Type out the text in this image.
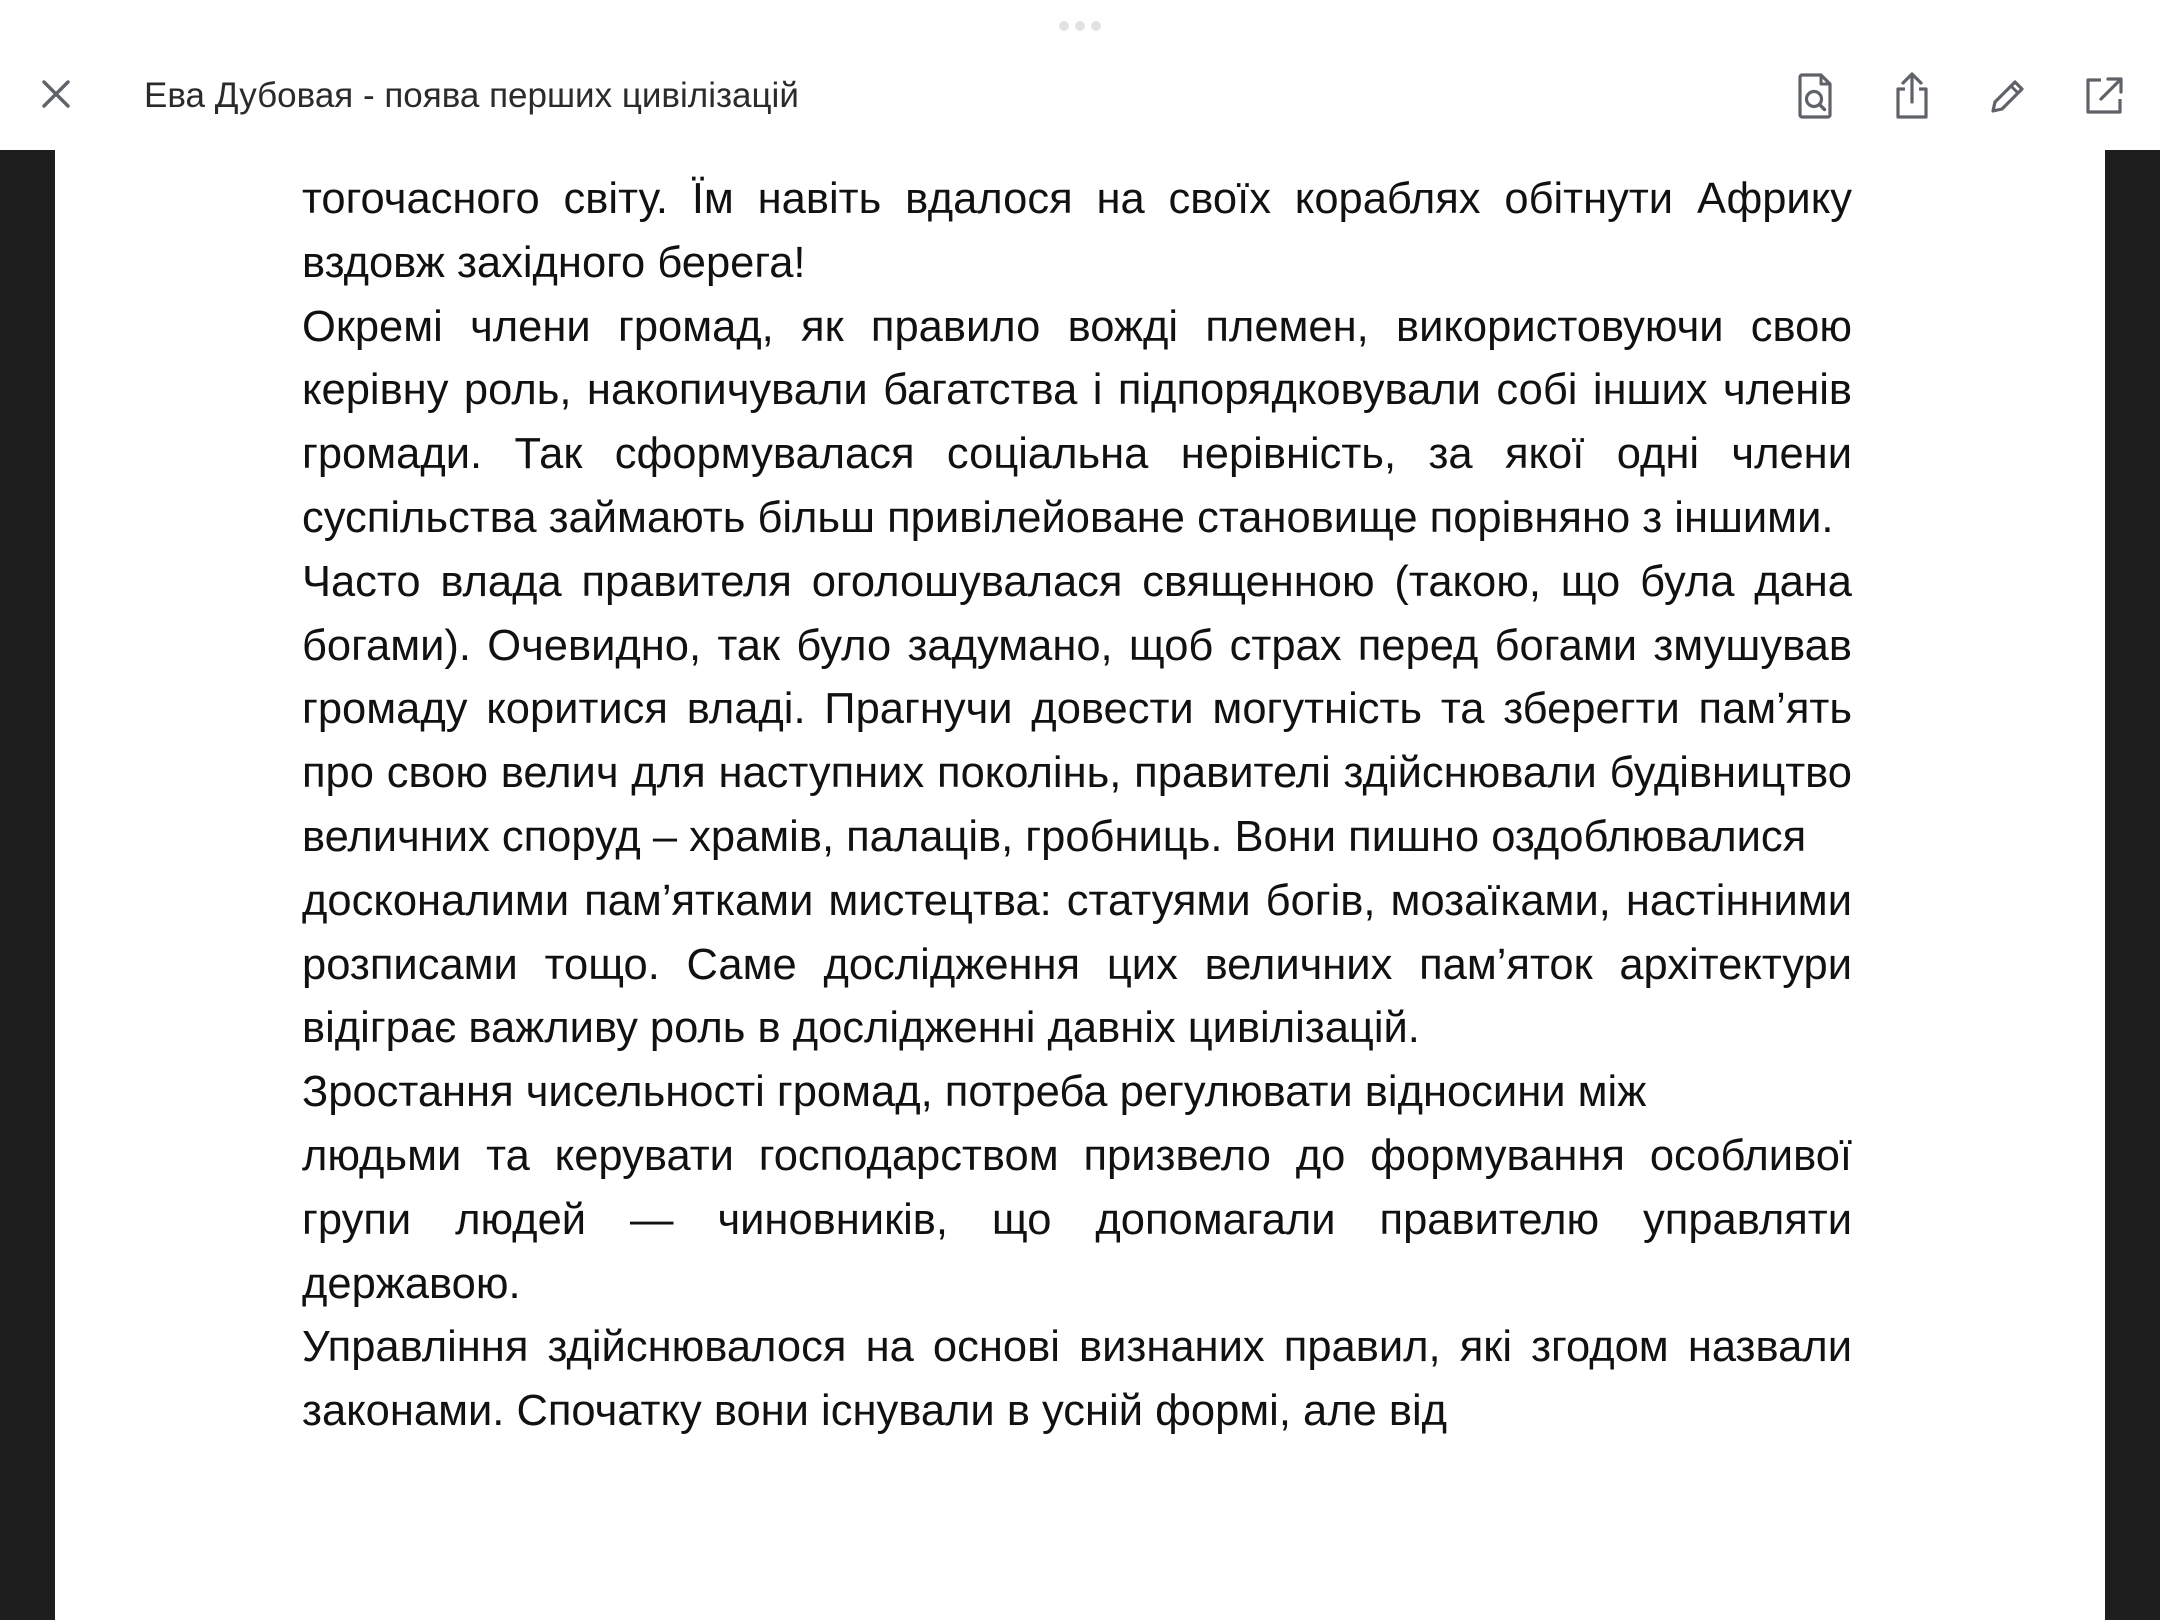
Ева Дубовая - поява перших цивілізацій

тогочасного світу. Їм навіть вдалося на своїх кораблях обітнути Африку вздовж західного берега!

Окремі члени громад, як правило вожді племен, використовуючи свою керівну роль, накопичували багатства і підпорядковували собі інших членів громади. Так сформувалася соціальна нерівність, за якої одні члени суспільства займають більш привілейоване становище порівняно з іншими.

Часто влада правителя оголошувалася священною (такою, що була дана богами). Очевидно, так було задумано, щоб страх перед богами змушував громаду коритися владі. Прагнучи довести могутність та зберегти пам’ять про свою велич для наступних поколінь, правителі здійснювали будівництво величних споруд – храмів, палаців, гробниць. Вони пишно оздоблювалися

досконалими пам’ятками мистецтва: статуями богів, мозаїками, настінними розписами тощо. Саме дослідження цих величних пам’яток архітектури відіграє важливу роль в дослідженні давніх цивілізацій.

Зростання чисельності громад, потреба регулювати відносини між

людьми та керувати господарством призвело до формування особливої групи людей — чиновників, що допомагали правителю управляти державою.

Управління здійснювалося на основі визнаних правил, які згодом назвали законами. Спочатку вони існували в усній формі, але від
